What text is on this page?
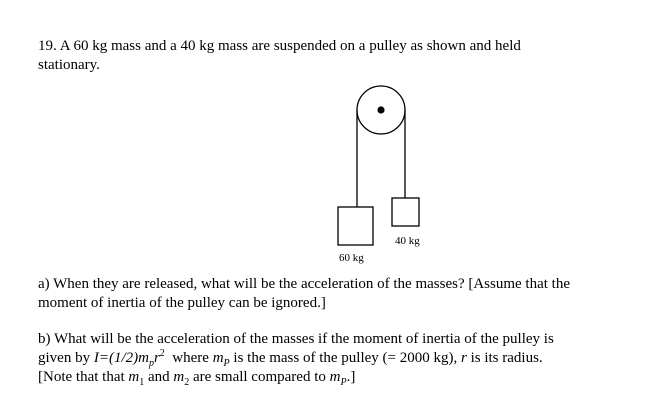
19. A 60 kg mass and a 40 kg mass are suspended on a pulley as shown and held
stationary.
60 kg
40 kg
a) When they are released, what will be the acceleration of the masses? [Assume that the
moment of inertia of the pulley can be ignored.]
b) What will be the acceleration of the masses if the moment of inertia of the pulley is
given by $I=(1/2)m_pr^2$ where $m_P$ is the mass of the pulley (= 2000 kg), r is its radius.
[Note that that $m_1$ and $m_2$ are small compared to $m_P$.]
